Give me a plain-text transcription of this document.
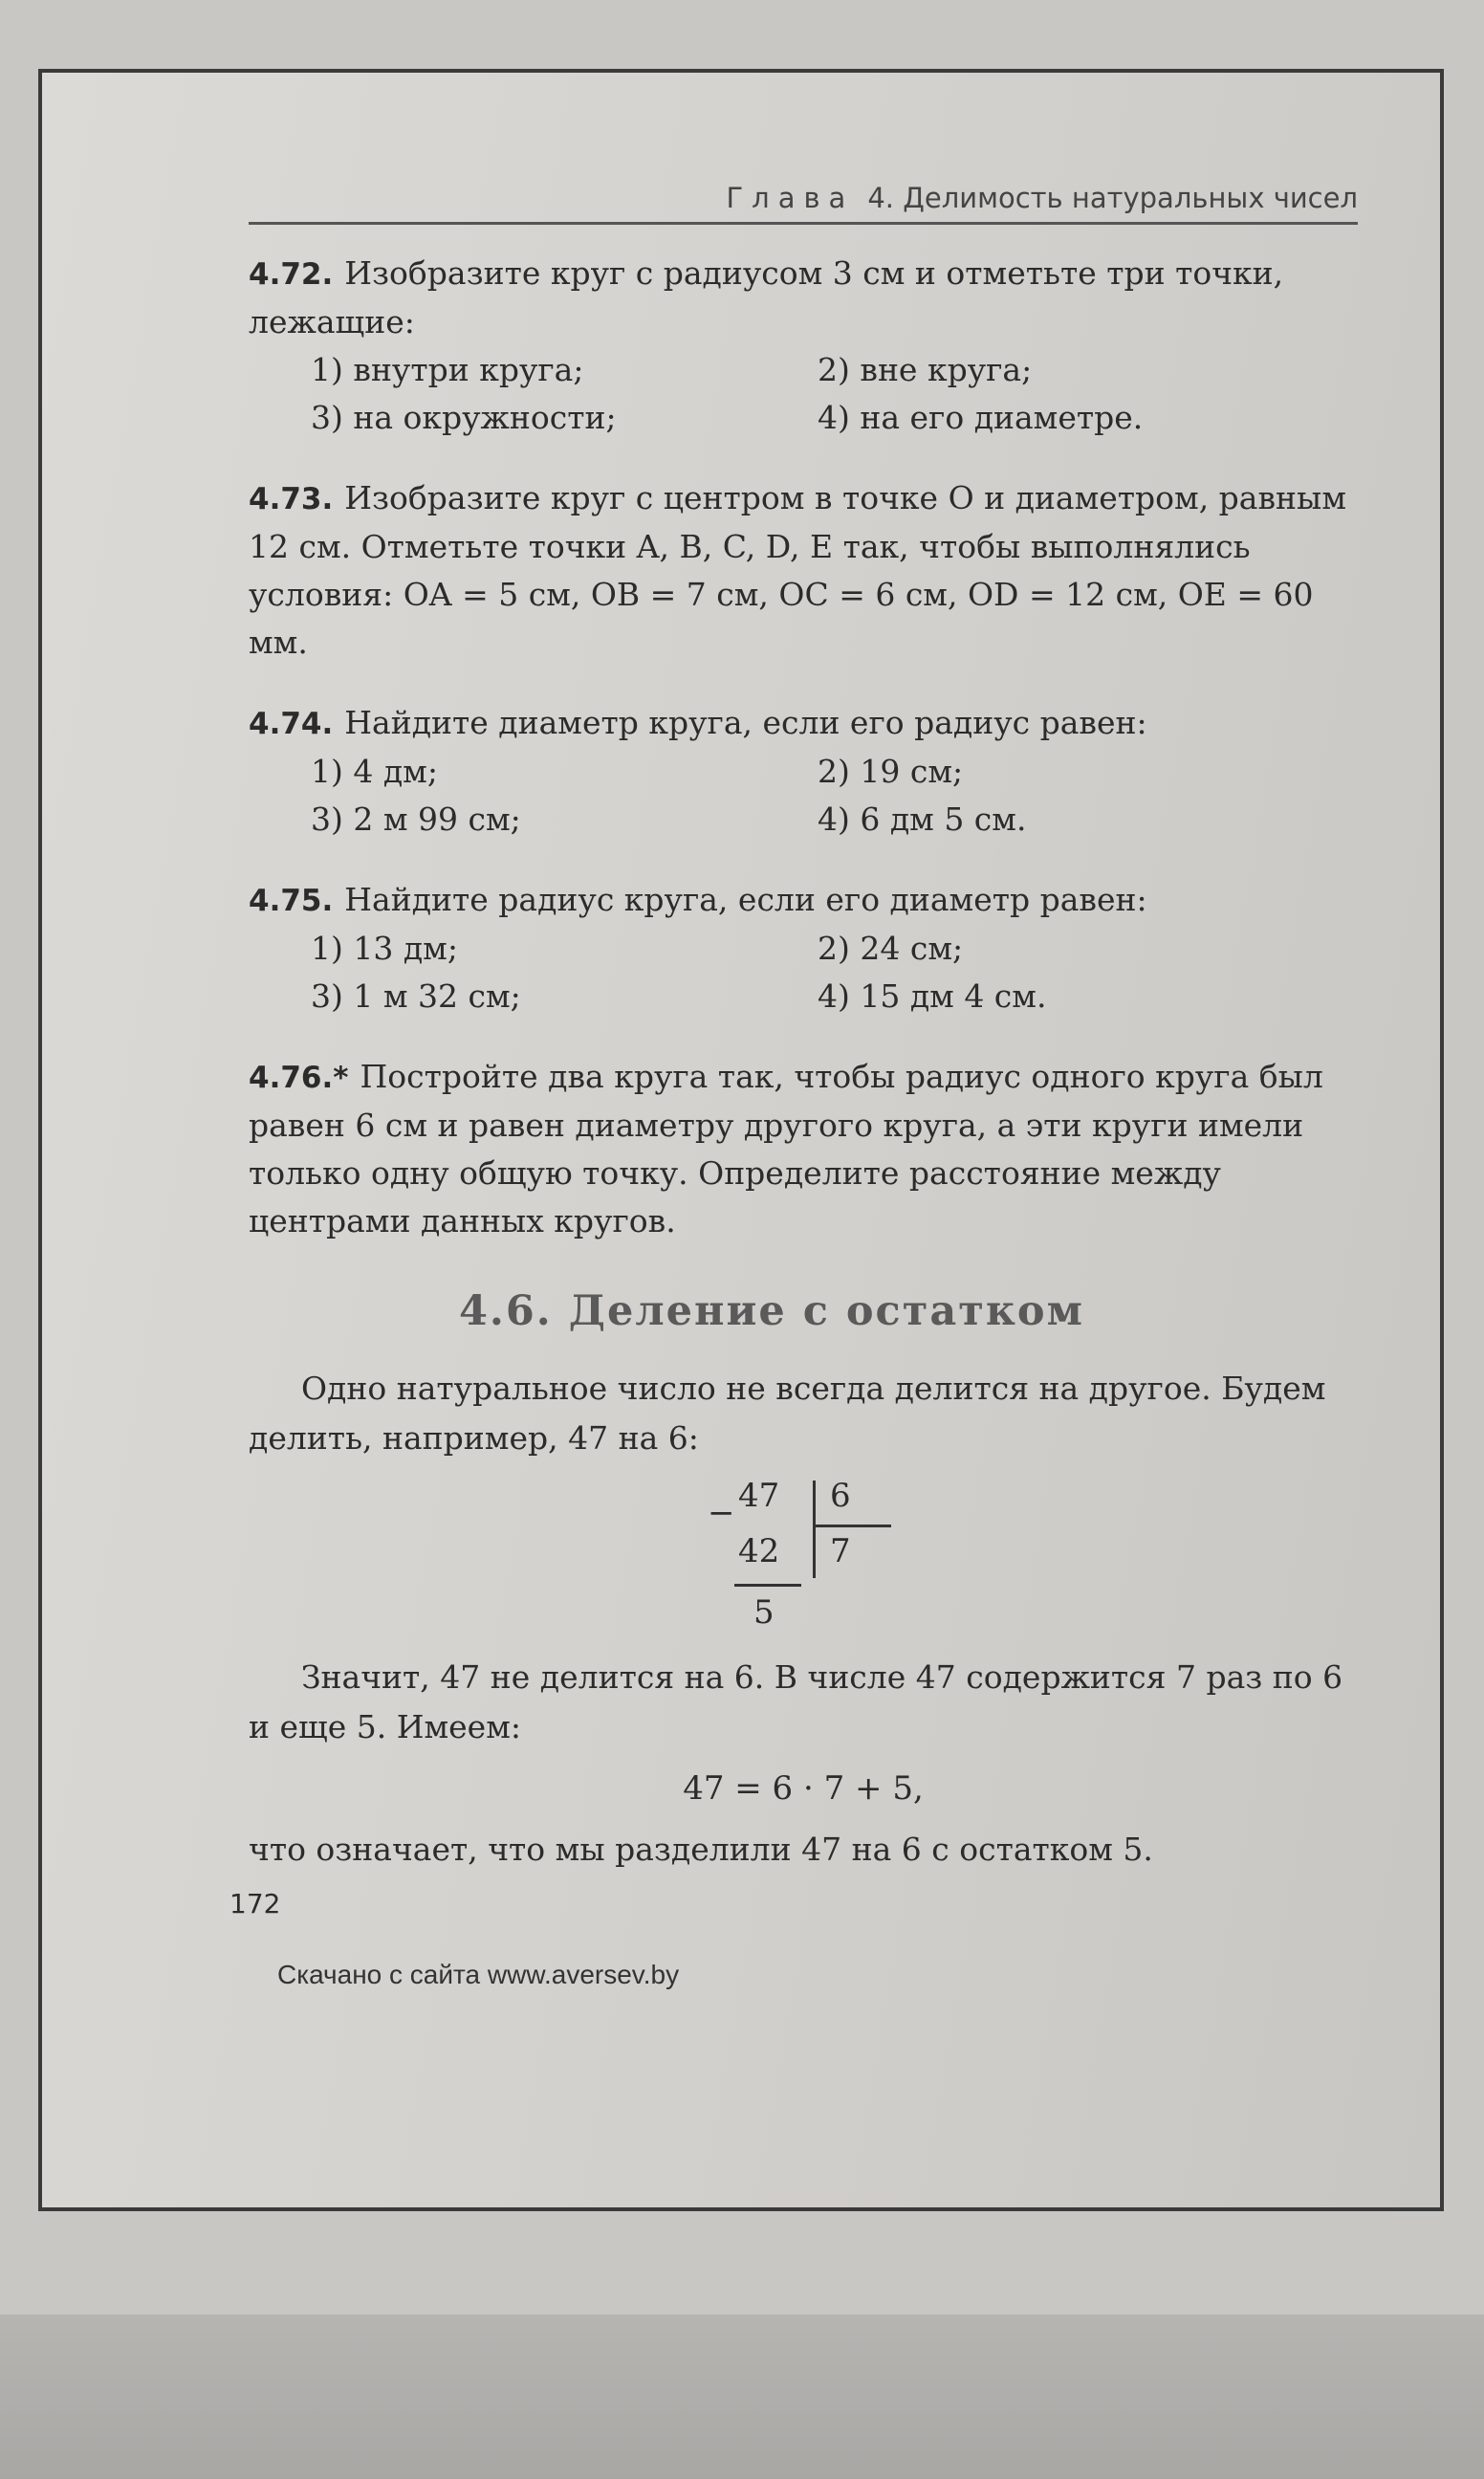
Глава 4. Делимость натуральных чисел

4.72. Изобразите круг с радиусом 3 см и отметьте три точки, лежащие:

1) внутри круга;	2) вне круга;
3) на окружности;	4) на его диаметре.

4.73. Изобразите круг с центром в точке O и диаметром, равным 12 см. Отметьте точки A, B, C, D, E так, чтобы выполнялись условия: OA = 5 см, OB = 7 см, OC = 6 см, OD = 12 см, OE = 60 мм.

4.74. Найдите диаметр круга, если его радиус равен:

1) 4 дм;	2) 19 см;
3) 2 м 99 см;	4) 6 дм 5 см.

4.75. Найдите радиус круга, если его диаметр равен:

1) 13 дм;	2) 24 см;
3) 1 м 32 см;	4) 15 дм 4 см.

4.76.* Постройте два круга так, чтобы радиус одного круга был равен 6 см и равен диаметру другого круга, а эти круги имели только одну общую точку. Определите расстояние между центрами данных кругов.

4.6. Деление с остатком

Одно натуральное число не всегда делится на другое. Будем делить, например, 47 на 6:

− 47 6
42 7
5

Значит, 47 не делится на 6. В числе 47 содержится 7 раз по 6 и еще 5. Имеем:

47 = 6 · 7 + 5,

что означает, что мы разделили 47 на 6 с остатком 5.

172
Скачано с сайта www.aversev.by
